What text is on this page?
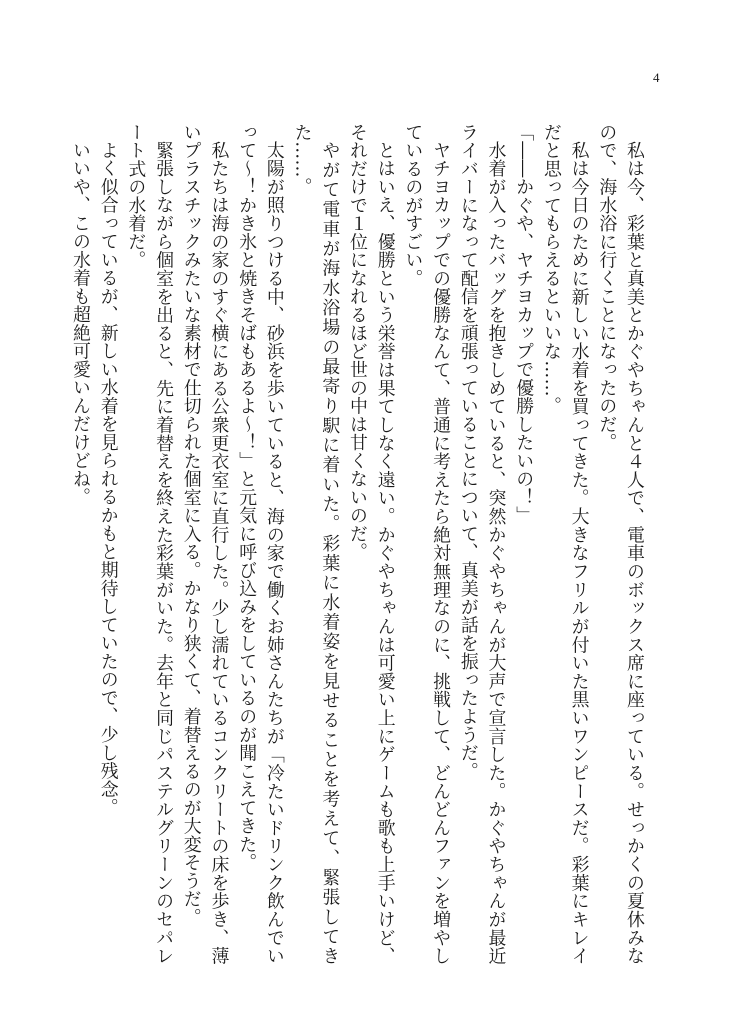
4

私は今、彩葉と真美とかぐやちゃんと４人で、電車のボックス席に座っている。せっかくの夏休みなので、海水浴に行くことになったのだ。

私は今日のために新しい水着を買ってきた。大きなフリルが付いた黒いワンピースだ。彩葉にキレイだと思ってもらえるといいな……。

「――かぐや、ヤチヨカップで優勝したいの！」

水着が入ったバッグを抱きしめていると、突然かぐやちゃんが大声で宣言した。かぐやちゃんが最近ライバーになって配信を頑張っていることについて、真美が話を振ったようだ。

ヤチヨカップでの優勝なんて、普通に考えたら絶対無理なのに、挑戦して、どんどんファンを増やしているのがすごい。

とはいえ、優勝という栄誉は果てしなく遠い。かぐやちゃんは可愛い上にゲームも歌も上手いけど、それだけで１位になれるほど世の中は甘くないのだ。

やがて電車が海水浴場の最寄り駅に着いた。彩葉に水着姿を見せることを考えて、緊張してきた……。

太陽が照りつける中、砂浜を歩いていると、海の家で働くお姉さんたちが「冷たいドリンク飲んでいって～！かき氷と焼きそばもあるよ～！」と元気に呼び込みをしているのが聞こえてきた。

私たちは海の家のすぐ横にある公衆更衣室に直行した。少し濡れているコンクリートの床を歩き、薄いプラスチックみたいな素材で仕切られた個室に入る。かなり狭くて、着替えるのが大変そうだ。

緊張しながら個室を出ると、先に着替えを終えた彩葉がいた。去年と同じパステルグリーンのセパレート式の水着だ。

よく似合っているが、新しい水着を見られるかもと期待していたので、少し残念。

いいや、この水着も超絶可愛いんだけどね。
